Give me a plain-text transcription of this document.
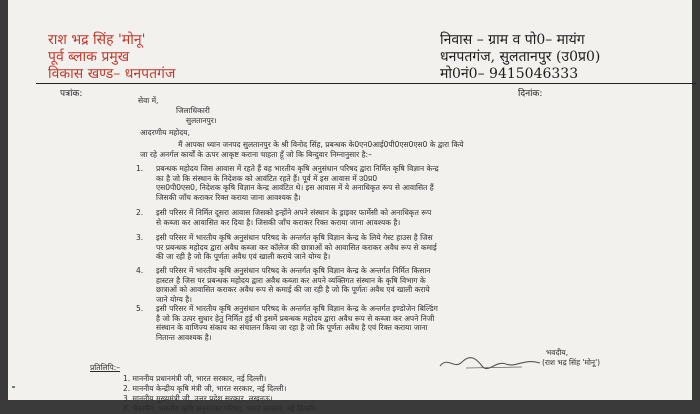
राश भद्र सिंह 'मोनू'
पूर्व ब्लाक प्रमुख
विकास खण्ड– धनपतगंज
निवास – ग्राम व पो0– मायंग
धनपतगंज, सुलतानपुर (उ0प्र0)
मो0नं0– 9415046333
पत्रांक:	दिनांक:
सेवा में,
जिलाधिकारी
सुलतानपुर।
आदरणीय महोदय,
मैं आपका ध्यान जनपद सुलतानपुर के श्री विनोद सिंह, प्रबन्धक के0एन0आई0पी0एस0एस0 के द्वारा किये
जा रहे अनर्गल कार्यों के ऊपर आकृष्ट कराना चाहता हूँ जो कि बिन्दुवार निम्नानुसार है:–
1. प्रबन्धक महोदय जिस आवास में रहते हैं वह भारतीय कृषि अनुसंधान परिषद द्वारा निर्मित कृषि विज्ञान केन्द्र
का है जो कि संस्थान के निदेशक को आवंटित रहते हैं। पूर्व में इस आवास में उ0प्र0
एस0पी0एस0, निदेशक कृषि विज्ञान केन्द्र आवंटित थे। इस आवास में ये अनाधिकृत रूप से आवासित हैं
जिसकी जाँच कराकर रिक्त कराया जाना आवश्यक है।
2. इसी परिसर में निर्मित दूसरा आवास जिसको इन्होंने अपने संस्थान के ड्राइवर फार्मेसी को अनाधिकृत रूप
से कब्जा कर आवासित कर दिया है। जिसकी जाँच कराकर रिक्त कराया जाना आवश्यक है।
3. इसी परिसर में भारतीय कृषि अनुसंधान परिषद के अन्तर्गत कृषि विज्ञान केन्द्र के लिये गेस्ट हाउस है जिस
पर प्रबन्धक महोदय द्वारा अवैध कब्जा कर कॉलेज की छात्राओं को आवासित कराकर अवैध रूप से कमाई
की जा रही है जो कि पूर्णतः अवैध एवं खाली कराये जाने योग्य है।
4. इसी परिसर में भारतीय कृषि अनुसंधान परिषद के अन्तर्गत कृषि विज्ञान केन्द्र के अन्तर्गत निर्मित किसान
हास्टल है जिस पर प्रबन्धक महोदय द्वारा अवैध कब्जा कर अपने व्यक्तिगत संस्थान के कृषि विभाग के
छात्राओं को आवासित कराकर अवैध रूप से कमाई की जा रही है जो कि पूर्णतः अवैध एवं खाली कराये
जाने योग्य है।
5. इसी परिसर में भारतीय कृषि अनुसंधान परिषद के अन्तर्गत कृषि विज्ञान केन्द्र के अन्तर्गत इण्डोजेन बिल्डिंग
है जो कि उत्पर सुधार हेतु निर्मित हुई थी इसमें प्रबन्धक महोदय द्वारा अवैध रूप से कब्जा कर अपने निजी
संस्थान के वाणिज्य संकाय का संचालन किया जा रहा है जो कि पूर्णतः अवैध है एवं रिक्त कराया जाना
नितान्त आवश्यक है।
भवदीय,
(राश भद्र सिंह 'मोनू')
प्रतिलिपि:–
1. माननीय प्रधानमंत्री जी, भारत सरकार, नई दिल्ली।
2. माननीय केन्द्रीय कृषि मंत्री जी, भारत सरकार, नई दिल्ली।
3. माननीय मुख्यमंत्री जी, उत्तर प्रदेश सरकार, लखनऊ।
4. चेयरमैन, भारतीय कृषि अनुसंधान परिषद, भारत सरकार, नई दिल्ली।
